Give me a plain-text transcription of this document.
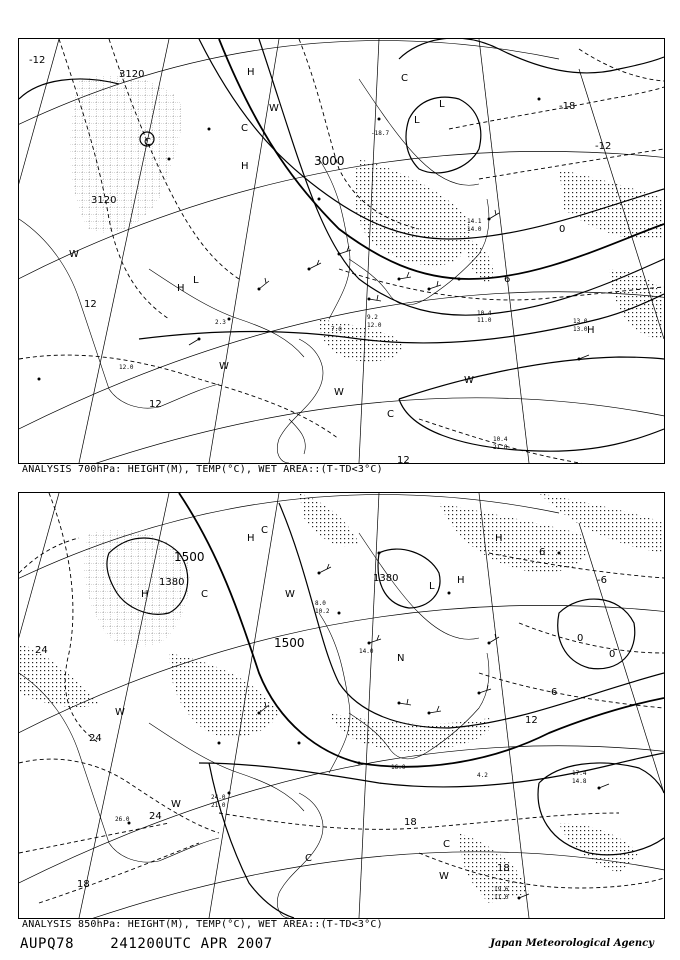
3120
3120
3000
-12
-18
-12
0
6
12
12
12
H
H
H
L
L
L
W
W
W
W
W
C
C
C
C
H
13.0
13.0
10.4
11.0
10.4
21.0
12.0
2.3
7.0
9.2
12.0
-18.7
14.1
14.0
ANALYSIS 700hPa: HEIGHT(M), TEMP(°C), WET AREA::(T-TD<3°C)
1500
1380
1500
1380
24
24
24
18
18
18
12
6
0
0
-6
6
H
H
H
W
W
W
W
C
C
C
C
L
N
H
17.4
14.8
16.0
4.2
19.6
11.0
24.0
21.0
26.0
8.0
10.2
14.0
ANALYSIS 850hPa: HEIGHT(M), TEMP(°C), WET AREA::(T-TD<3°C)
AUPQ78    241200UTC APR 2007	Japan Meteorological Agency
